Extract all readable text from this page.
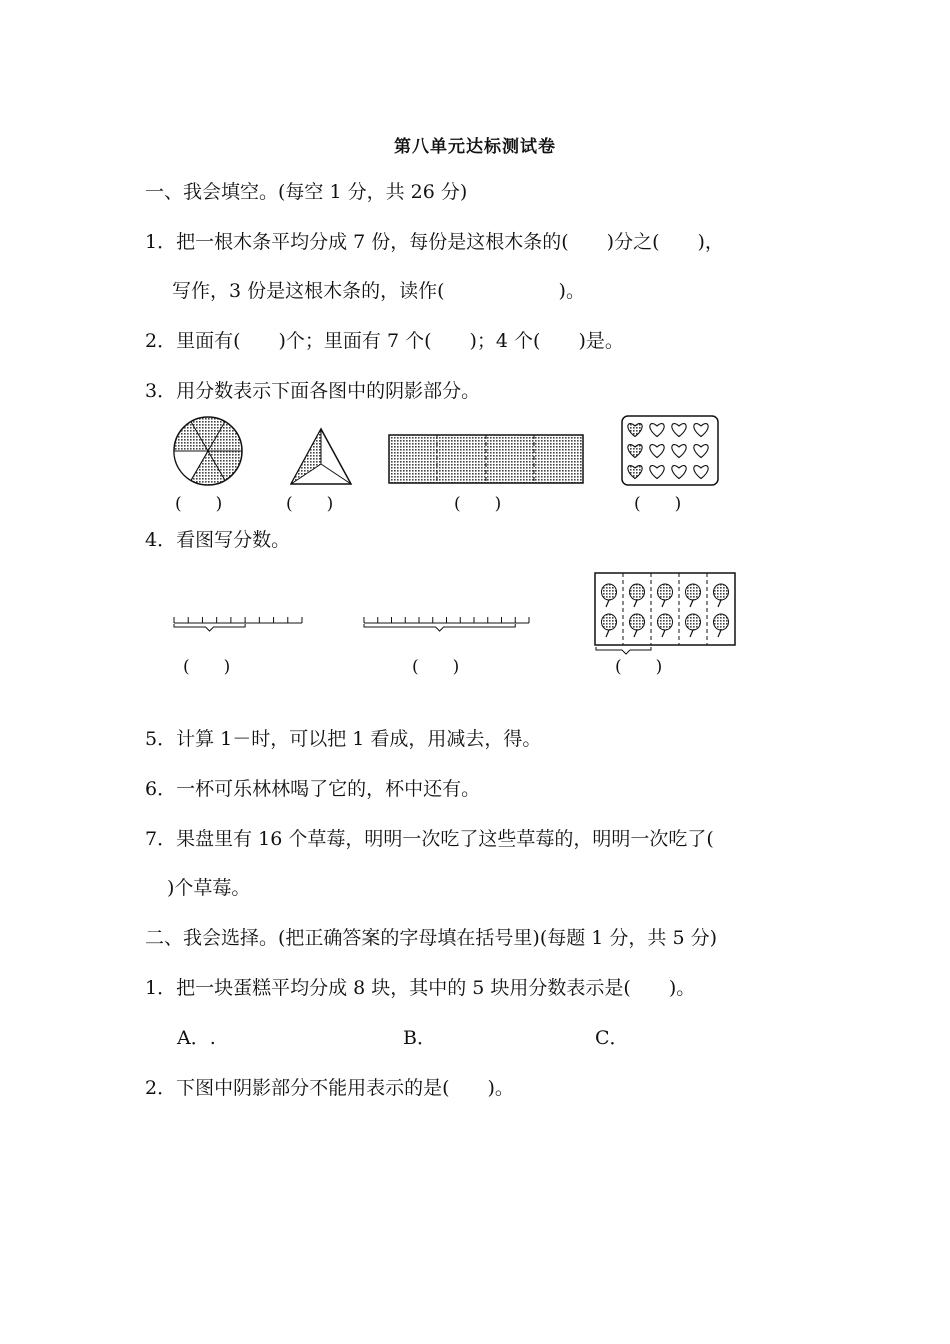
第八单元达标测试卷
一、我会填空。(每空 1 分，共 26 分)
1．把一根木条平均分成 7 份，每份是这根木条的(　　)分之(　　)，
写作，3 份是这根木条的，读作(　　　　　　)。
2．里面有(　　)个；里面有 7 个(　　)；4 个(　　)是。
3．用分数表示下面各图中的阴影部分。
(　　)	(　　)	(　　)	(　　)
4．看图写分数。
(　　)	(　　)	(　　)
5．计算 1－时，可以把 1 看成，用减去，得。
6．一杯可乐林林喝了它的，杯中还有。
7．果盘里有 16 个草莓，明明一次吃了这些草莓的，明明一次吃了(
)个草莓。
二、我会选择。(把正确答案的字母填在括号里)(每题 1 分，共 5 分)
1．把一块蛋糕平均分成 8 块，其中的 5 块用分数表示是(　　)。
A．.	B．	C．
2．下图中阴影部分不能用表示的是(　　)。
